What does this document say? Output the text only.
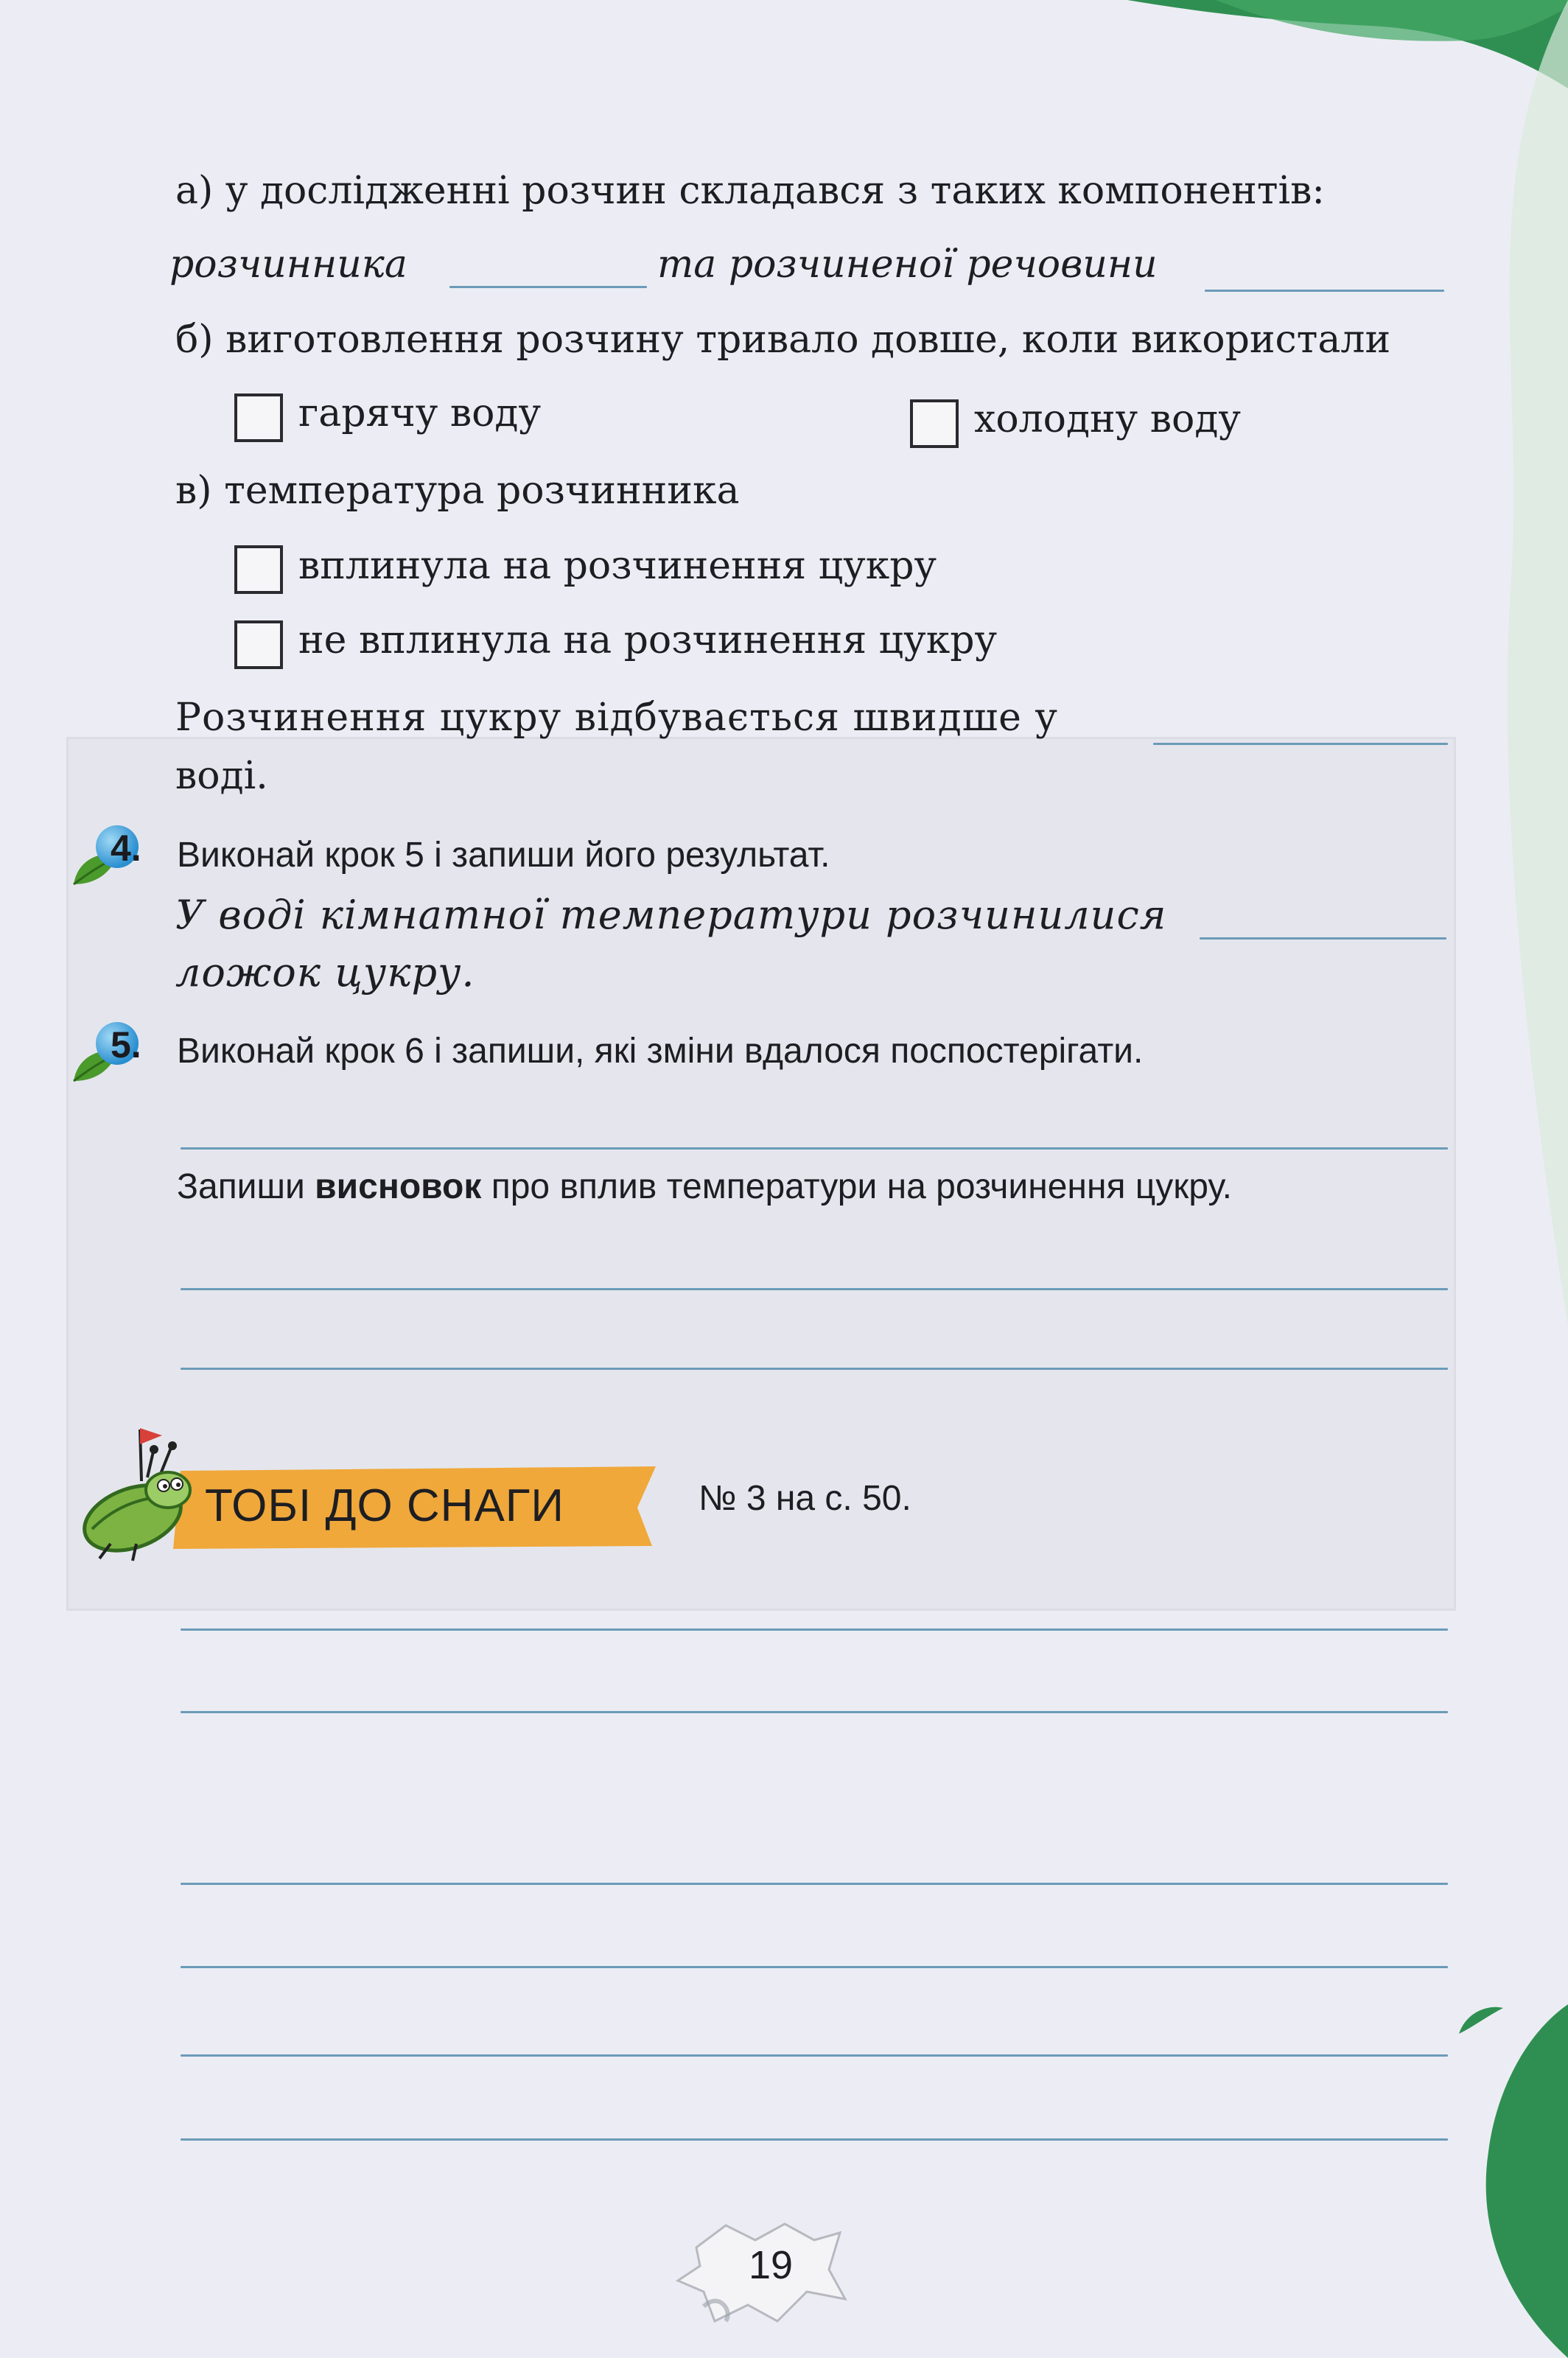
а) у дослідженні розчин складався з таких компонентів:
розчинника	та розчиненої речовини
б) виготовлення розчину тривало довше, коли використали
гарячу воду	холодну воду
в) температура розчинника
вплинула на розчинення цукру
не вплинула на розчинення цукру
Розчинення цукру відбувається швидше у
воді.
4. Виконай крок 5 і запиши його результат.
У воді кімнатної температури розчинилися
ложок цукру.
5. Виконай крок 6 і запиши, які зміни вдалося поспостерігати.
Запиши висновок про вплив температури на розчинення цукру.
ТОБІ ДО СНАГИ	№ 3 на с. 50.
19
